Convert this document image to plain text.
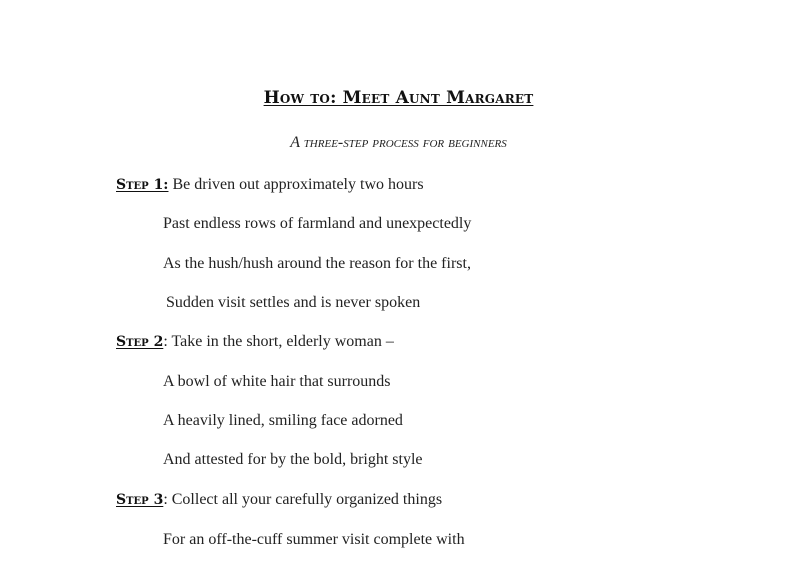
How to: Meet Aunt Margaret
A three-step process for beginners
Step 1: Be driven out approximately two hours
Past endless rows of farmland and unexpectedly
As the hush/hush around the reason for the first,
Sudden visit settles and is never spoken
Step 2: Take in the short, elderly woman –
A bowl of white hair that surrounds
A heavily lined, smiling face adorned
And attested for by the bold, bright style
Step 3: Collect all your carefully organized things
For an off-the-cuff summer visit complete with
